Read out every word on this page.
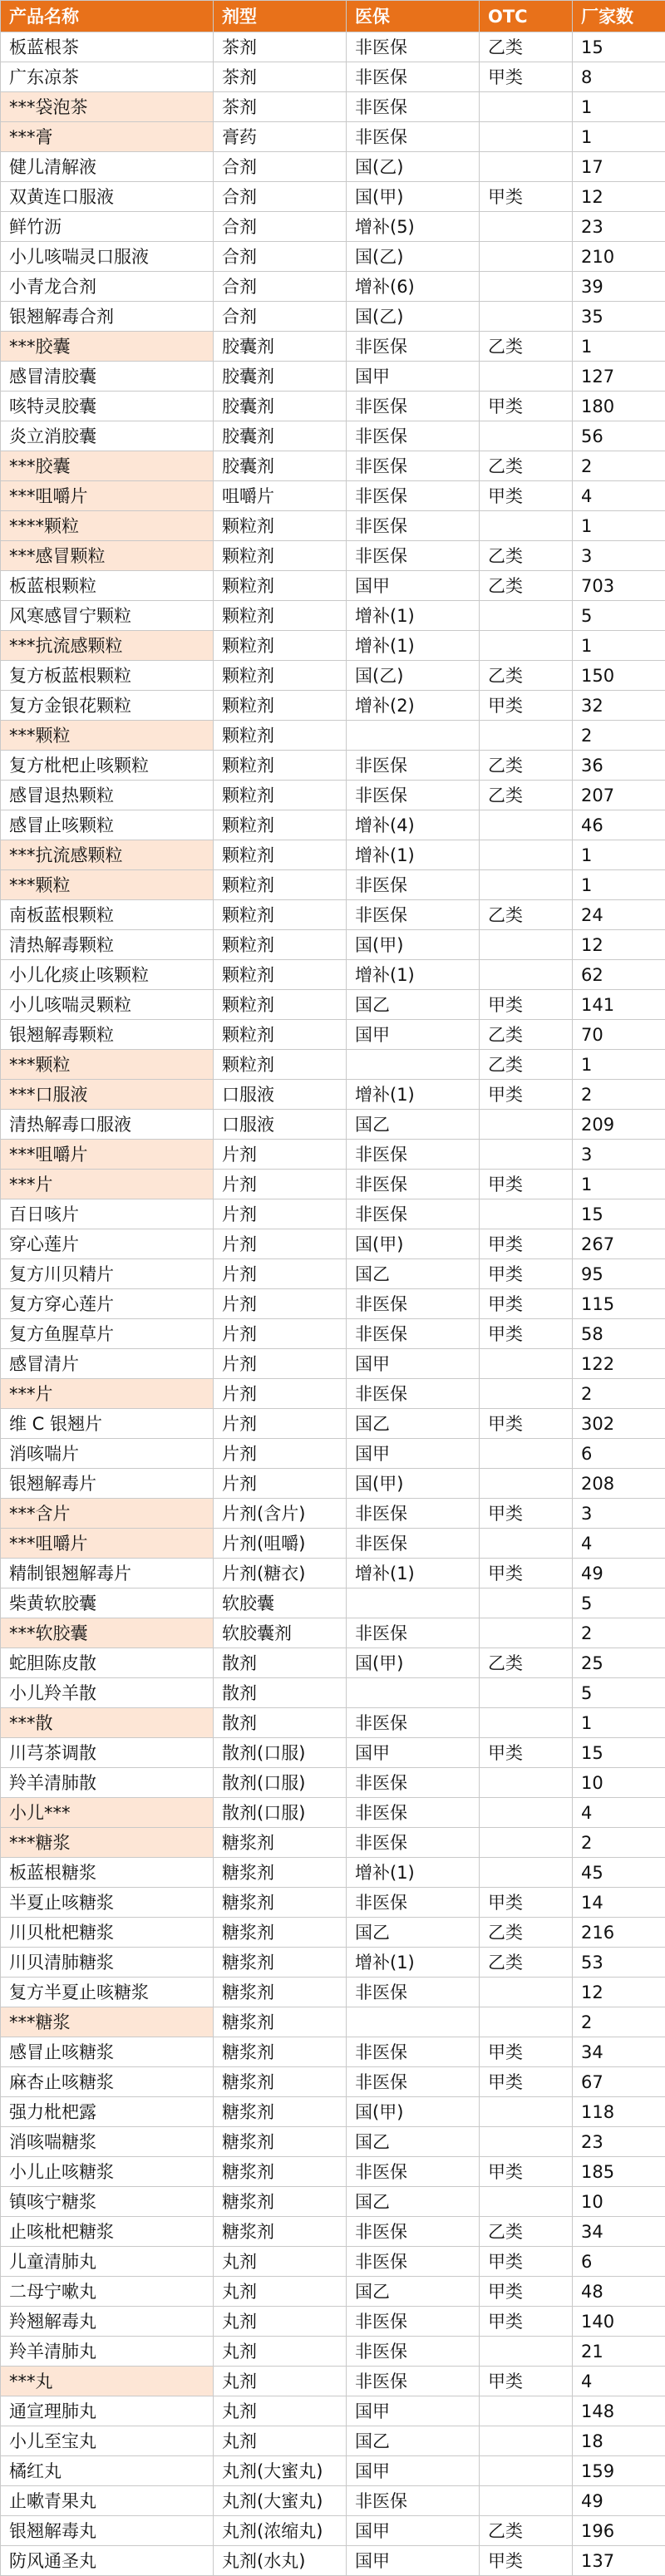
产品名称	剂型	医保	OTC	厂家数
板蓝根茶	茶剂	非医保	乙类	15
广东凉茶	茶剂	非医保	甲类	8
***袋泡茶	茶剂	非医保		1
***膏	膏药	非医保		1
健儿清解液	合剂	国(乙)		17
双黄连口服液	合剂	国(甲)	甲类	12
鲜竹沥	合剂	增补(5)		23
小儿咳喘灵口服液	合剂	国(乙)		210
小青龙合剂	合剂	增补(6)		39
银翘解毒合剂	合剂	国(乙)		35
***胶囊	胶囊剂	非医保	乙类	1
感冒清胶囊	胶囊剂	国甲		127
咳特灵胶囊	胶囊剂	非医保	甲类	180
炎立消胶囊	胶囊剂	非医保		56
***胶囊	胶囊剂	非医保	乙类	2
***咀嚼片	咀嚼片	非医保	甲类	4
****颗粒	颗粒剂	非医保		1
***感冒颗粒	颗粒剂	非医保	乙类	3
板蓝根颗粒	颗粒剂	国甲	乙类	703
风寒感冒宁颗粒	颗粒剂	增补(1)		5
***抗流感颗粒	颗粒剂	增补(1)		1
复方板蓝根颗粒	颗粒剂	国(乙)	乙类	150
复方金银花颗粒	颗粒剂	增补(2)	甲类	32
***颗粒	颗粒剂			2
复方枇杷止咳颗粒	颗粒剂	非医保	乙类	36
感冒退热颗粒	颗粒剂	非医保	乙类	207
感冒止咳颗粒	颗粒剂	增补(4)		46
***抗流感颗粒	颗粒剂	增补(1)		1
***颗粒	颗粒剂	非医保		1
南板蓝根颗粒	颗粒剂	非医保	乙类	24
清热解毒颗粒	颗粒剂	国(甲)		12
小儿化痰止咳颗粒	颗粒剂	增补(1)		62
小儿咳喘灵颗粒	颗粒剂	国乙	甲类	141
银翘解毒颗粒	颗粒剂	国甲	乙类	70
***颗粒	颗粒剂		乙类	1
***口服液	口服液	增补(1)	甲类	2
清热解毒口服液	口服液	国乙		209
***咀嚼片	片剂	非医保		3
***片	片剂	非医保	甲类	1
百日咳片	片剂	非医保		15
穿心莲片	片剂	国(甲)	甲类	267
复方川贝精片	片剂	国乙	甲类	95
复方穿心莲片	片剂	非医保	甲类	115
复方鱼腥草片	片剂	非医保	甲类	58
感冒清片	片剂	国甲		122
***片	片剂	非医保		2
维 C 银翘片	片剂	国乙	甲类	302
消咳喘片	片剂	国甲		6
银翘解毒片	片剂	国(甲)		208
***含片	片剂(含片)	非医保	甲类	3
***咀嚼片	片剂(咀嚼)	非医保		4
精制银翘解毒片	片剂(糖衣)	增补(1)	甲类	49
柴黄软胶囊	软胶囊			5
***软胶囊	软胶囊剂	非医保		2
蛇胆陈皮散	散剂	国(甲)	乙类	25
小儿羚羊散	散剂			5
***散	散剂	非医保		1
川芎茶调散	散剂(口服)	国甲	甲类	15
羚羊清肺散	散剂(口服)	非医保		10
小儿***	散剂(口服)	非医保		4
***糖浆	糖浆剂	非医保		2
板蓝根糖浆	糖浆剂	增补(1)		45
半夏止咳糖浆	糖浆剂	非医保	甲类	14
川贝枇杷糖浆	糖浆剂	国乙	乙类	216
川贝清肺糖浆	糖浆剂	增补(1)	乙类	53
复方半夏止咳糖浆	糖浆剂	非医保		12
***糖浆	糖浆剂			2
感冒止咳糖浆	糖浆剂	非医保	甲类	34
麻杏止咳糖浆	糖浆剂	非医保	甲类	67
强力枇杷露	糖浆剂	国(甲)		118
消咳喘糖浆	糖浆剂	国乙		23
小儿止咳糖浆	糖浆剂	非医保	甲类	185
镇咳宁糖浆	糖浆剂	国乙		10
止咳枇杷糖浆	糖浆剂	非医保	乙类	34
儿童清肺丸	丸剂	非医保	甲类	6
二母宁嗽丸	丸剂	国乙	甲类	48
羚翘解毒丸	丸剂	非医保	甲类	140
羚羊清肺丸	丸剂	非医保		21
***丸	丸剂	非医保	甲类	4
通宣理肺丸	丸剂	国甲		148
小儿至宝丸	丸剂	国乙		18
橘红丸	丸剂(大蜜丸)	国甲		159
止嗽青果丸	丸剂(大蜜丸)	非医保		49
银翘解毒丸	丸剂(浓缩丸)	国甲	乙类	196
防风通圣丸	丸剂(水丸)	国甲	甲类	137
